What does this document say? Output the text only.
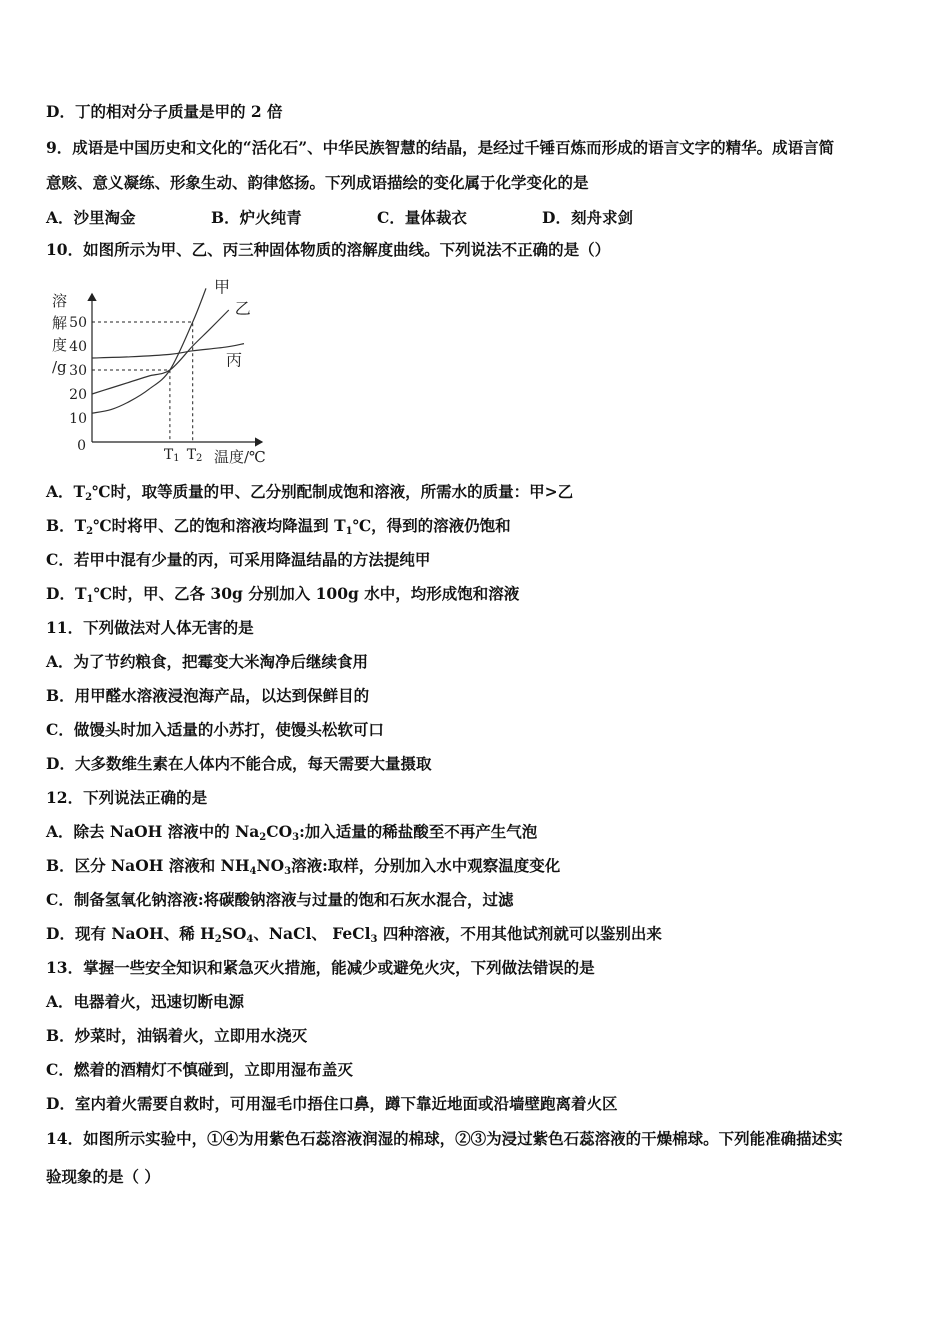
D．丁的相对分子质量是甲的 2 倍
9．成语是中国历史和文化的“活化石”、中华民族智慧的结晶，是经过千锤百炼而形成的语言文字的精华。成语言简
意赅、意义凝练、形象生动、韵律悠扬。下列成语描绘的变化属于化学变化的是
A．沙里淘金	B．炉火纯青	C．量体裁衣	D．刻舟求剑
10．如图所示为甲、乙、丙三种固体物质的溶解度曲线。下列说法不正确的是（）
溶
解
度
/g
10
20
30
40
50
0
甲
乙
丙
T1 T2 温度/℃
A．$T_2℃$时，取等质量的甲、乙分别配制成饱和溶液，所需水的质量：甲>乙
B．$T_2℃$时将甲、乙的饱和溶液均降温到 $T_1℃$，得到的溶液仍饱和
C．若甲中混有少量的丙，可采用降温结晶的方法提纯甲
D．$T_1℃$时，甲、乙各 30g 分别加入 100g 水中，均形成饱和溶液
11．下列做法对人体无害的是
A．为了节约粮食，把霉变大米淘净后继续食用
B．用甲醛水溶液浸泡海产品，以达到保鲜目的
C．做馒头时加入适量的小苏打，使馒头松软可口
D．大多数维生素在人体内不能合成，每天需要大量摄取
12．下列说法正确的是
A．除去 NaOH 溶液中的 $Na_2CO_3$:加入适量的稀盐酸至不再产生气泡
B．区分 NaOH 溶液和 $NH_4NO_3$溶液:取样，分别加入水中观察温度变化
C．制备氢氧化钠溶液:将碳酸钠溶液与过量的饱和石灰水混合，过滤
D．现有 NaOH、稀 $H_2SO_4$、NaCl、 FeCl$_3$ 四种溶液，不用其他试剂就可以鉴别出来
13．掌握一些安全知识和紧急灭火措施，能减少或避免火灾，下列做法错误的是
A．电器着火，迅速切断电源
B．炒菜时，油锅着火，立即用水浇灭
C．燃着的酒精灯不慎碰到，立即用湿布盖灭
D．室内着火需要自救时，可用湿毛巾捂住口鼻，蹲下靠近地面或沿墙壁跑离着火区
14．如图所示实验中，①④为用紫色石蕊溶液润湿的棉球，②③为浸过紫色石蕊溶液的干燥棉球。下列能准确描述实
验现象的是（ ）
